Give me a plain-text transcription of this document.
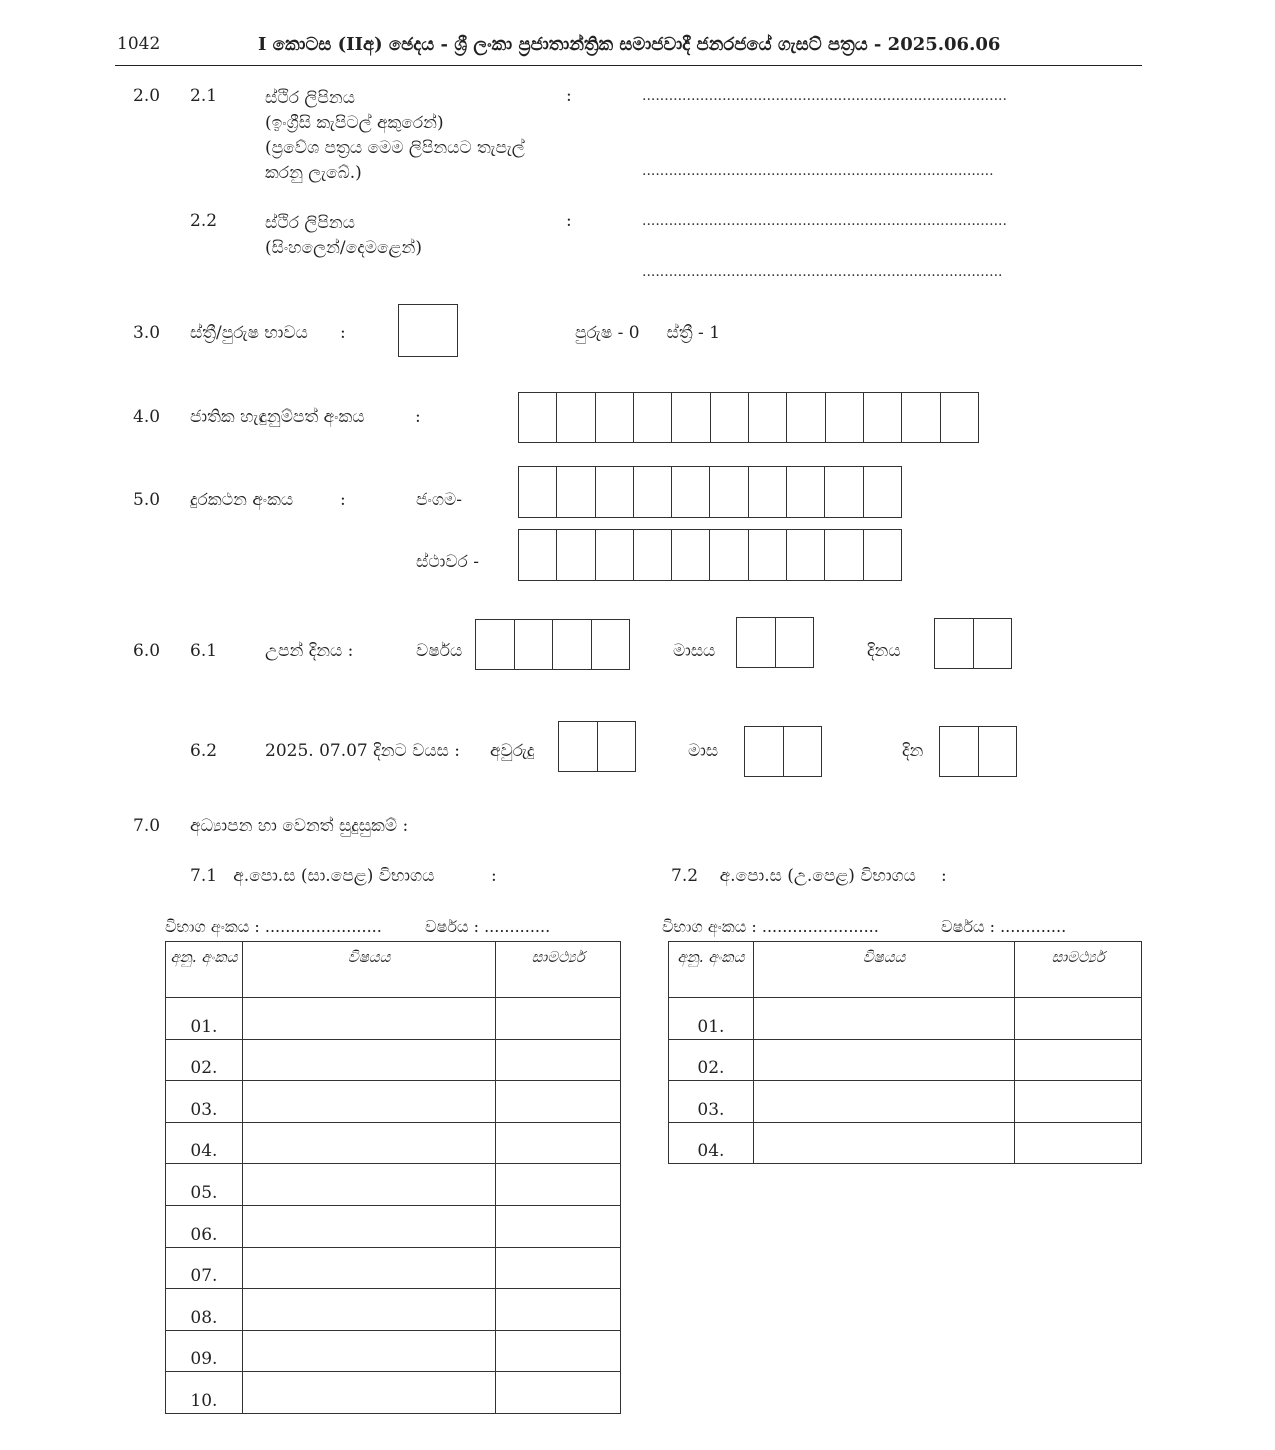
1042	I කොටස (IIඅ) ඡෙදය - ශ්‍රී ලංකා ප්‍රජාතාන්ත්‍රික සමාජවාදී ජනරජයේ ගැසට් පත්‍රය - 2025.06.06
2.0 2.1	ස්ථිර ලිපිනය
(ඉංග්‍රීසි කැපිටල් අකුරෙන්)
(ප්‍රවේශ පත්‍රය මෙම ලිපිනයට තැපැල්
කරනු ලැබේ.)
:	..................................................................................
...............................................................................
2.2	ස්ථිර ලිපිනය
(සිංහලෙන්/දෙමළෙන්)
:	..................................................................................
.................................................................................
3.0 ස්ත්‍රී/පුරුෂ භාවය :	පුරුෂ - 0     ස්ත්‍රී - 1
4.0 ජාතික හැඳුනුම්පත් අංකය	:
5.0 දුරකථන අංකය	:	ජංගම-
ස්ථාවර -
6.0 6.1	උපන් දිනය :	වර්ෂය	මාසය	දිනය
6.2	2025. 07.07 දිනට වයස : අවුරුදු	මාස	දින
7.0 අධ්‍යාපන හා වෙනත් සුදුසුකම් :
7.1   අ.පො.ස (සා.පෙළ) විභාගය	:	7.2    අ.පො.ස (උ.පෙළ) විභාගය :
විභාග අංකය : .......................	වර්ෂය : .............	විභාග අංකය : .......................	වර්ෂය : .............
අනු. අංකය	විෂයය	සාමර්ථ්‍ය
01.		
02.		
03.		
04.		
05.		
06.		
07.		
08.		
09.		
10.		
අනු. අංකය	විෂයය	සාමර්ථ්‍ය
01.		
02.		
03.		
04.		
